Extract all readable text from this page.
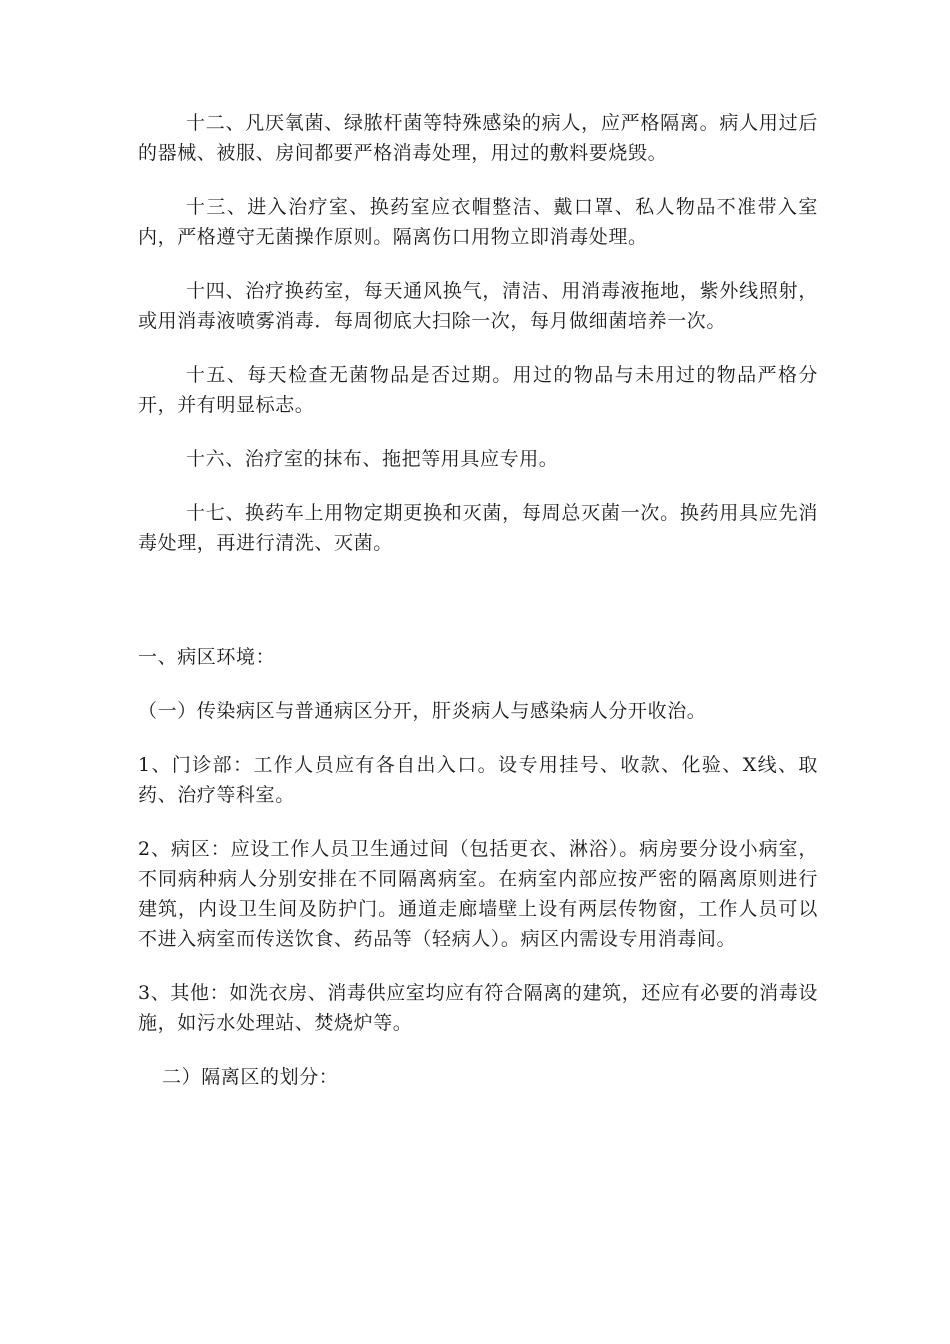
十二、凡厌氧菌、绿脓杆菌等特殊感染的病人，应严格隔离。病人用过后的器械、被服、房间都要严格消毒处理，用过的敷料要烧毁。

十三、进入治疗室、换药室应衣帽整洁、戴口罩、私人物品不准带入室内，严格遵守无菌操作原则。隔离伤口用物立即消毒处理。

十四、治疗换药室，每天通风换气，清洁、用消毒液拖地，紫外线照射，或用消毒液喷雾消毒．每周彻底大扫除一次，每月做细菌培养一次。

十五、每天检查无菌物品是否过期。用过的物品与未用过的物品严格分开，并有明显标志。

十六、治疗室的抹布、拖把等用具应专用。

十七、换药车上用物定期更换和灭菌，每周总灭菌一次。换药用具应先消毒处理，再进行清洗、灭菌。

一、病区环境：

（一）传染病区与普通病区分开，肝炎病人与感染病人分开收治。

1、门诊部：工作人员应有各自出入口。设专用挂号、收款、化验、X线、取药、治疗等科室。

2、病区：应设工作人员卫生通过间（包括更衣、淋浴）。病房要分设小病室，不同病种病人分别安排在不同隔离病室。在病室内部应按严密的隔离原则进行建筑，内设卫生间及防护门。通道走廊墙壁上设有两层传物窗，工作人员可以不进入病室而传送饮食、药品等（轻病人）。病区内需设专用消毒间。

3、其他：如洗衣房、消毒供应室均应有符合隔离的建筑，还应有必要的消毒设施，如污水处理站、焚烧炉等。

二）隔离区的划分：
